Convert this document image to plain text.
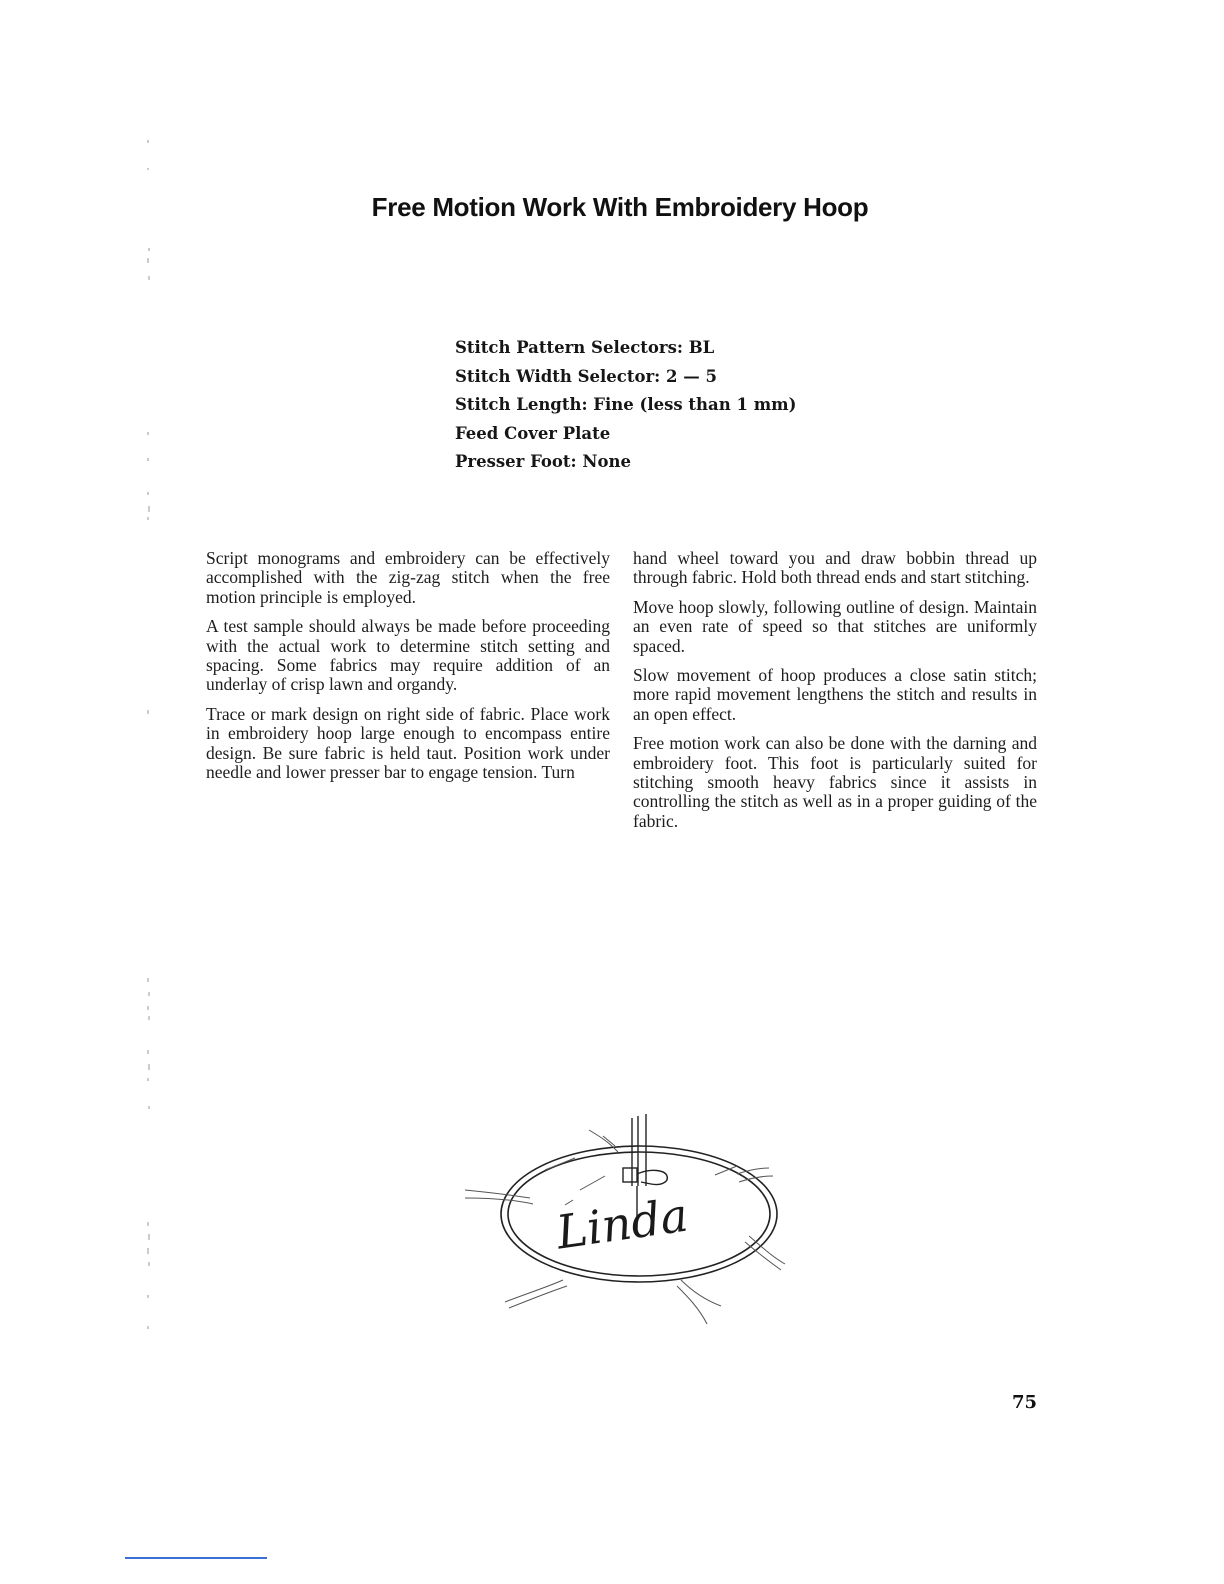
Free Motion Work With Embroidery Hoop
Stitch Pattern Selectors: BL
Stitch Width Selector: 2 — 5
Stitch Length: Fine (less than 1 mm)
Feed Cover Plate
Presser Foot: None

Script monograms and embroidery can be effectively accomplished with the zig-zag stitch when the free motion principle is employed.

A test sample should always be made before proceeding with the actual work to determine stitch setting and spacing. Some fabrics may require addition of an underlay of crisp lawn and organdy.

Trace or mark design on right side of fabric. Place work in embroidery hoop large enough to encompass entire design. Be sure fabric is held taut. Position work under needle and lower presser bar to engage tension. Turn

hand wheel toward you and draw bobbin thread up through fabric. Hold both thread ends and start stitching.

Move hoop slowly, following outline of design. Maintain an even rate of speed so that stitches are uniformly spaced.

Slow movement of hoop produces a close satin stitch; more rapid movement lengthens the stitch and results in an open effect.

Free motion work can also be done with the darning and embroidery foot. This foot is particularly suited for stitching smooth heavy fabrics since it assists in controlling the stitch as well as in a proper guiding of the fabric.

Linda
75
